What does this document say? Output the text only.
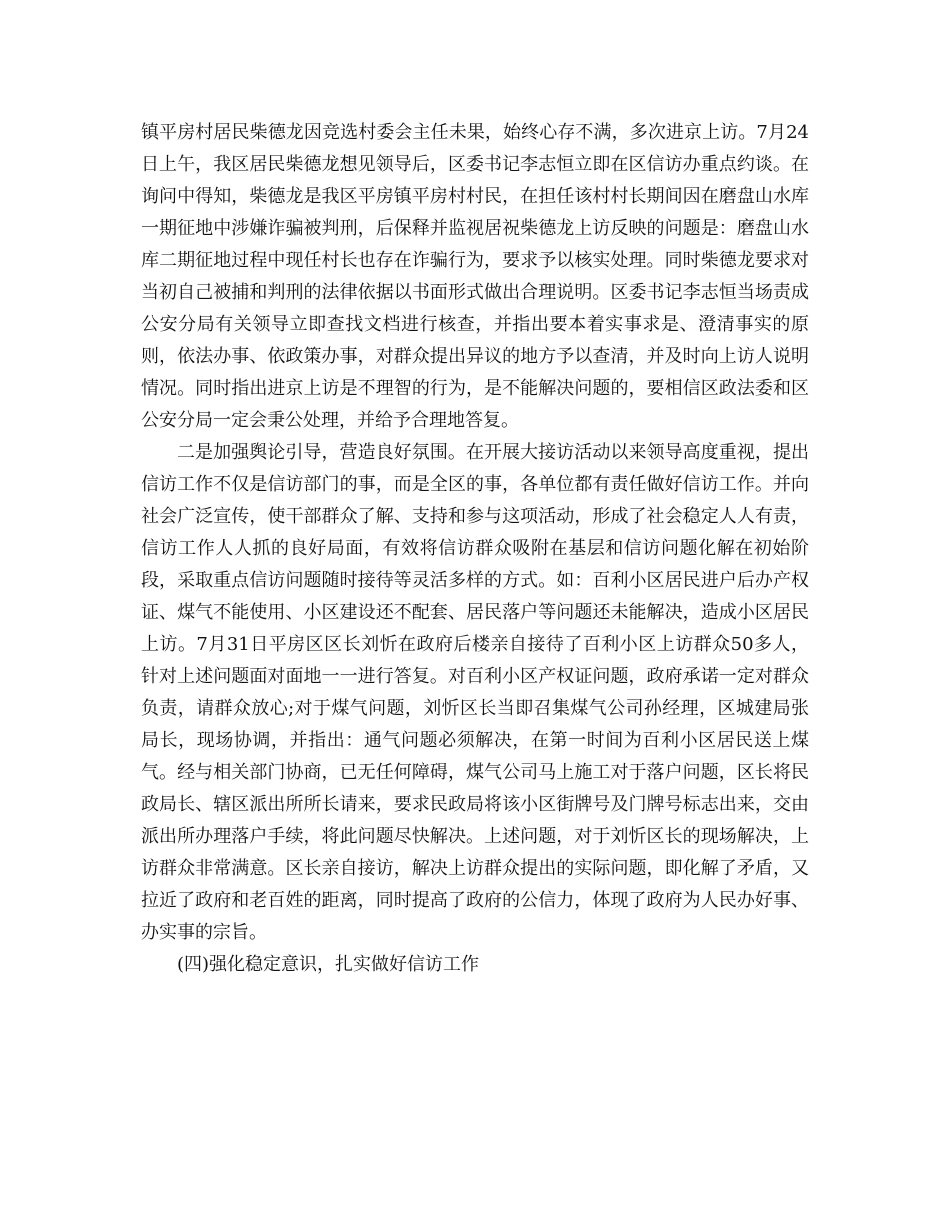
镇平房村居民柴德龙因竞选村委会主任未果，始终心存不满，多次进京上访。7月24日上午，我区居民柴德龙想见领导后，区委书记李志恒立即在区信访办重点约谈。在询问中得知，柴德龙是我区平房镇平房村村民，在担任该村村长期间因在磨盘山水库一期征地中涉嫌诈骗被判刑，后保释并监视居祝柴德龙上访反映的问题是：磨盘山水库二期征地过程中现任村长也存在诈骗行为，要求予以核实处理。同时柴德龙要求对当初自己被捕和判刑的法律依据以书面形式做出合理说明。区委书记李志恒当场责成公安分局有关领导立即查找文档进行核查，并指出要本着实事求是、澄清事实的原则，依法办事、依政策办事，对群众提出异议的地方予以查清，并及时向上访人说明情况。同时指出进京上访是不理智的行为，是不能解决问题的，要相信区政法委和区公安分局一定会秉公处理，并给予合理地答复。

二是加强舆论引导，营造良好氛围。在开展大接访活动以来领导高度重视，提出信访工作不仅是信访部门的事，而是全区的事，各单位都有责任做好信访工作。并向社会广泛宣传，使干部群众了解、支持和参与这项活动，形成了社会稳定人人有责，信访工作人人抓的良好局面，有效将信访群众吸附在基层和信访问题化解在初始阶段，采取重点信访问题随时接待等灵活多样的方式。如：百利小区居民进户后办产权证、煤气不能使用、小区建设还不配套、居民落户等问题还未能解决，造成小区居民上访。7月31日平房区区长刘忻在政府后楼亲自接待了百利小区上访群众50多人，针对上述问题面对面地一一进行答复。对百利小区产权证问题，政府承诺一定对群众负责，请群众放心;对于煤气问题，刘忻区长当即召集煤气公司孙经理，区城建局张局长，现场协调，并指出：通气问题必须解决，在第一时间为百利小区居民送上煤气。经与相关部门协商，已无任何障碍，煤气公司马上施工对于落户问题，区长将民政局长、辖区派出所所长请来，要求民政局将该小区街牌号及门牌号标志出来，交由派出所办理落户手续，将此问题尽快解决。上述问题，对于刘忻区长的现场解决，上访群众非常满意。区长亲自接访，解决上访群众提出的实际问题，即化解了矛盾，又拉近了政府和老百姓的距离，同时提高了政府的公信力，体现了政府为人民办好事、办实事的宗旨。

(四)强化稳定意识，扎实做好信访工作
